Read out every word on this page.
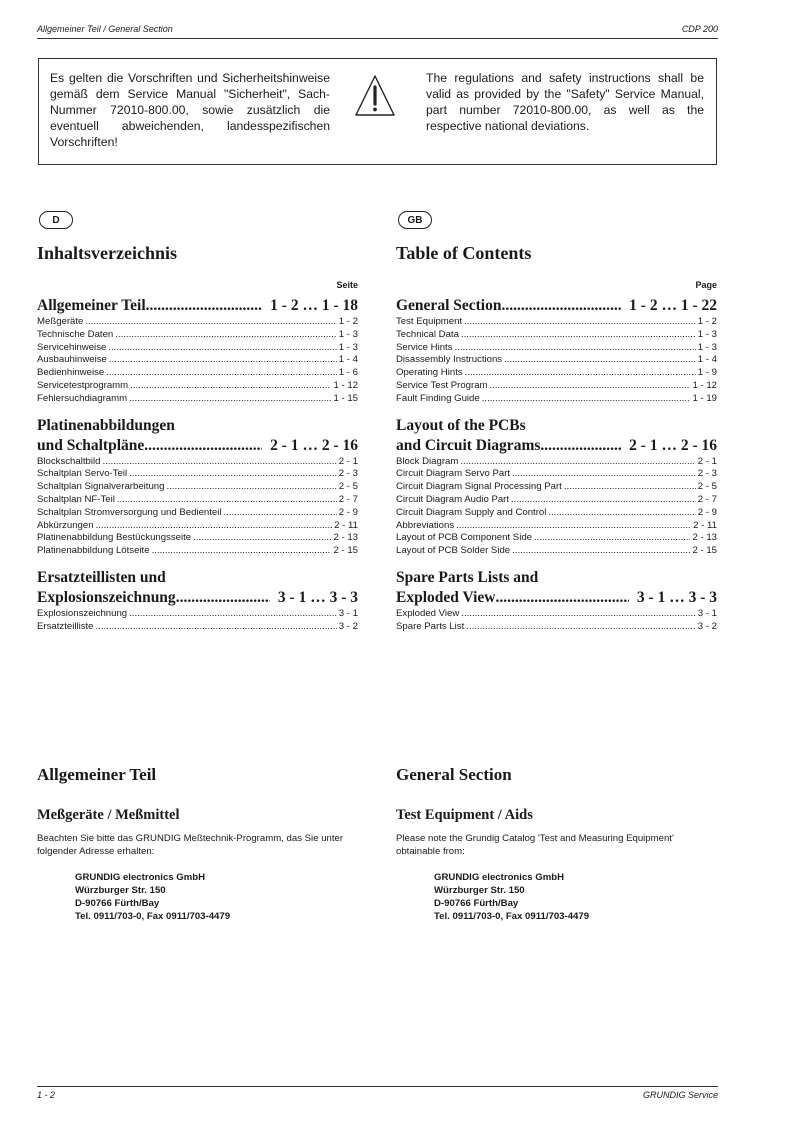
Allgemeiner Teil / General Section	CDP 200
Es gelten die Vorschriften und Sicherheitshinweise gemäß dem Service Manual "Sicherheit", Sach-Nummer 72010-800.00, sowie zusätzlich die eventuell abweichenden, landesspezifischen Vorschriften!
The regulations and safety instructions shall be valid as provided by the "Safety" Service Manual, part number 72010-800.00, as well as the respective national deviations.
D	GB
Inhaltsverzeichnis	Table of Contents
Seite	Page
Allgemeiner Teil .....	1 - 2 … 1 - 18
Meßgeräte .....	1 - 2
Technische Daten .....	1 - 3
Servicehinweise .....	1 - 3
Ausbauhinweise .....	1 - 4
Bedienhinweise .....	1 - 6
Servicetestprogramm .....	1 - 12
Fehlersuchdiagramm .....	1 - 15
Platinenabbildungen
und Schaltpläne .....	2 - 1 … 2 - 16
Blockschaltbild .....	2 - 1
Schaltplan Servo-Teil .....	2 - 3
Schaltplan Signalverarbeitung .....	2 - 5
Schaltplan NF-Teil .....	2 - 7
Schaltplan Stromversorgung und Bedienteil .....	2 - 9
Abkürzungen .....	2 - 11
Platinenabbildung Bestückungsseite .....	2 - 13
Platinenabbildung Lötseite .....	2 - 15
Ersatzteillisten und
Explosionszeichnung .....	3 - 1 … 3 - 3
Explosionszeichnung .....	3 - 1
Ersatzteilliste .....	3 - 2
General Section .....	1 - 2 … 1 - 22
Test Equipment .....	1 - 2
Technical Data .....	1 - 3
Service Hints .....	1 - 3
Disassembly Instructions .....	1 - 4
Operating Hints .....	1 - 9
Service Test Program .....	1 - 12
Fault Finding Guide .....	1 - 19
Layout of the PCBs
and Circuit Diagrams .....	2 - 1 … 2 - 16
Block Diagram .....	2 - 1
Circuit Diagram Servo Part .....	2 - 3
Circuit Diagram Signal Processing Part .....	2 - 5
Circuit Diagram Audio Part .....	2 - 7
Circuit Diagram Supply and Control .....	2 - 9
Abbreviations .....	2 - 11
Layout of PCB Component Side .....	2 - 13
Layout of PCB Solder Side .....	2 - 15
Spare Parts Lists and
Exploded View .....	3 - 1 … 3 - 3
Exploded View .....	3 - 1
Spare Parts List .....	3 - 2
Allgemeiner Teil	General Section
Meßgeräte / Meßmittel	Test Equipment / Aids
Beachten Sie bitte das GRUNDIG Meßtechnik-Programm, das Sie unter folgender Adresse erhalten:
Please note the Grundig Catalog 'Test and Measuring Equipment' obtainable from:
GRUNDIG electronics GmbH
Würzburger Str. 150
D-90766 Fürth/Bay
Tel. 0911/703-0, Fax 0911/703-4479
GRUNDIG electronics GmbH
Würzburger Str. 150
D-90766 Fürth/Bay
Tel. 0911/703-0, Fax 0911/703-4479
1 - 2	GRUNDIG Service
